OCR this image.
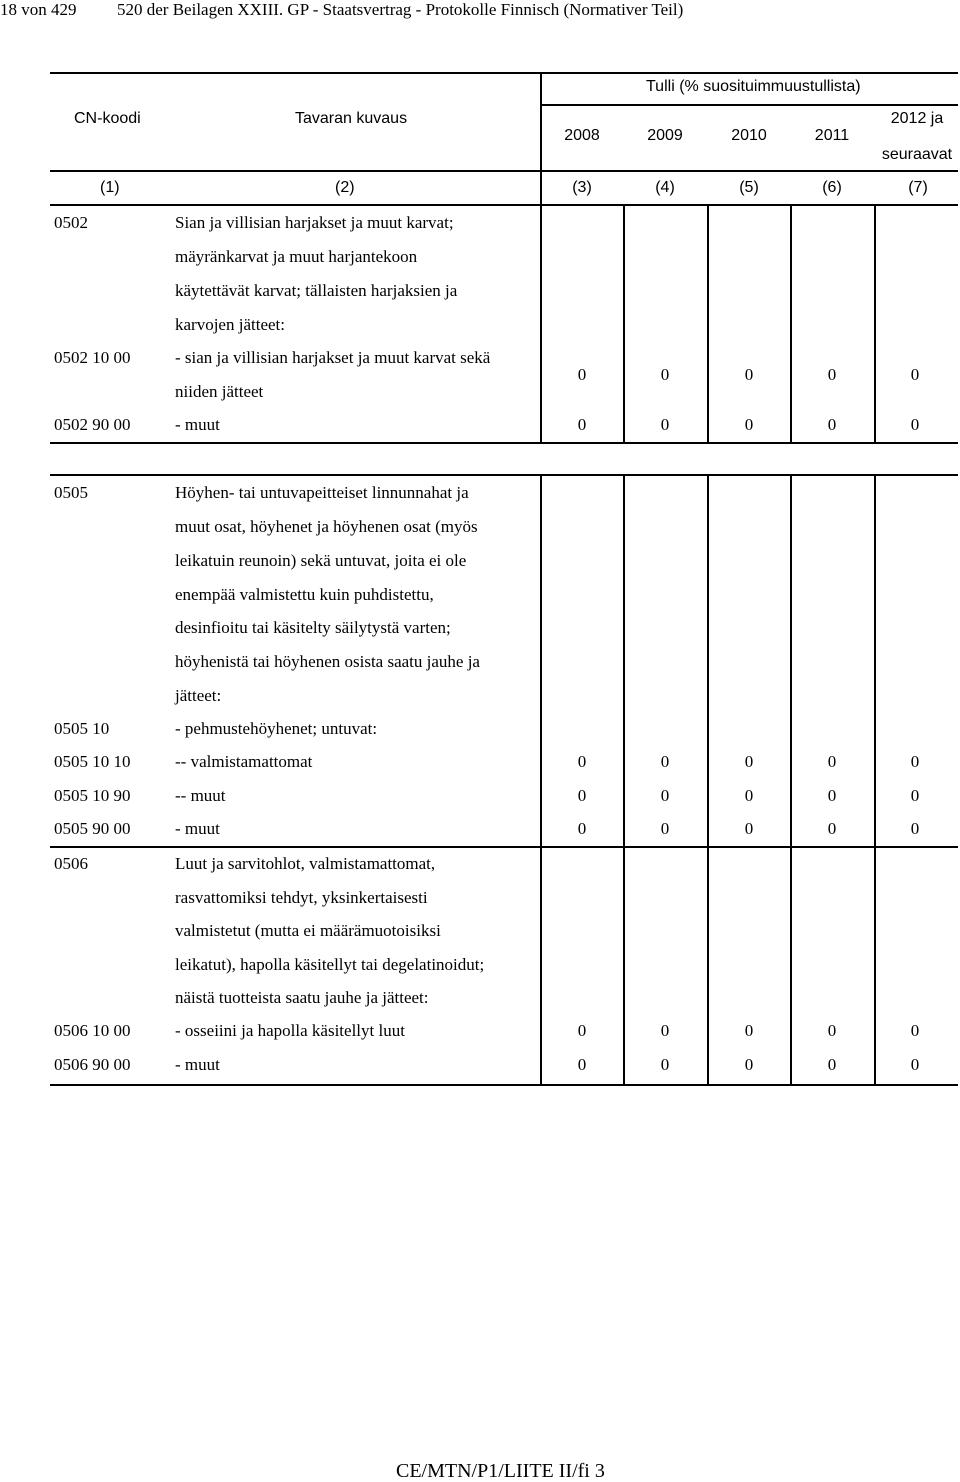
18 von 429 520 der Beilagen XXIII. GP - Staatsvertrag - Protokolle Finnisch (Normativer Teil)
CN-koodi	Tavaran kuvaus
Tulli (% suosituimmuustullista)
2008	2009	2010	2011
2012 ja
seuraavat
(1)	(2)	(3)	(4)	(5)	(6)	(7)
0502	Sian ja villisian harjakset ja muut karvat;
mäyränkarvat ja muut harjantekoon
käytettävät karvat; tällaisten harjaksien ja
karvojen jätteet:
0502 10 00	- sian ja villisian harjakset ja muut karvat sekä
niiden jätteet
0	0	0	0	0
0502 90 00	- muut	0	0	0	0	0
0505	Höyhen- tai untuvapeitteiset linnunnahat ja
muut osat, höyhenet ja höyhenen osat (myös
leikatuin reunoin) sekä untuvat, joita ei ole
enempää valmistettu kuin puhdistettu,
desinfioitu tai käsitelty säilytystä varten;
höyhenistä tai höyhenen osista saatu jauhe ja
jätteet:
0505 10	- pehmustehöyhenet; untuvat:
0505 10 10	-- valmistamattomat	0	0	0	0	0
0505 10 90	-- muut	0	0	0	0	0
0505 90 00	- muut	0	0	0	0	0
0506	Luut ja sarvitohlot, valmistamattomat,
rasvattomiksi tehdyt, yksinkertaisesti
valmistetut (mutta ei määrämuotoisiksi
leikatut), hapolla käsitellyt tai degelatinoidut;
näistä tuotteista saatu jauhe ja jätteet:
0506 10 00	- osseiini ja hapolla käsitellyt luut	0	0	0	0	0
0506 90 00	- muut	0	0	0	0	0
CE/MTN/P1/LIITE II/fi 3
